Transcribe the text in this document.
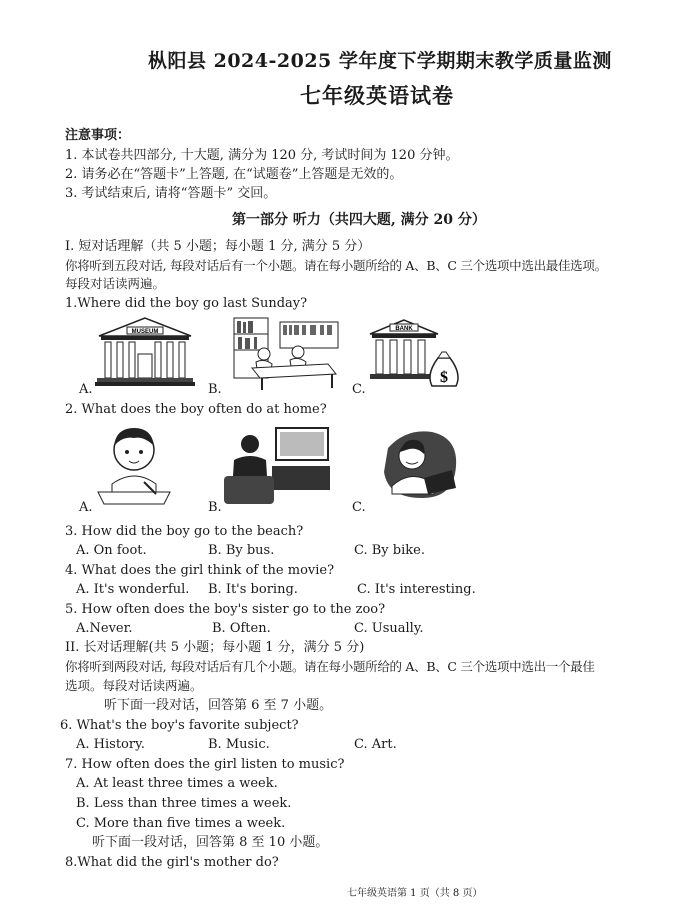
枞阳县 2024-2025 学年度下学期期末教学质量监测
七年级英语试卷
注意事项：
1. 本试卷共四部分, 十大题, 满分为 120 分, 考试时间为 120 分钟。
2. 请务必在“答题卡”上答题, 在“试题卷”上答题是无效的。
3. 考试结束后, 请将“答题卡” 交回。
第一部分 听力（共四大题, 满分 20 分）
I. 短对话理解（共 5 小题；每小题 1 分, 满分 5 分）
你将听到五段对话, 每段对话后有一个小题。请在每小题所给的 A、B、C 三个选项中选出最佳选项。
每段对话读两遍。
1.Where did the boy go last Sunday?
MUSEUM	BANK
$
A.	B.	C.
2. What does the boy often do at home?
A.	B.	C.
3. How did the boy go to the beach?
A. On foot.	B. By bus.	C. By bike.
4. What does the girl think of the movie?
A. It's wonderful. B. It's boring.	C. It's interesting.
5. How often does the boy's sister go to the zoo?
A.Never.	B. Often.	C. Usually.
II. 长对话理解(共 5 小题；每小题 1 分，满分 5 分)
你将听到两段对话, 每段对话后有几个小题。请在每小题所给的 A、B、C 三个选项中选出一个最佳
选项。每段对话读两遍。
听下面一段对话，回答第 6 至 7 小题。
6. What's the boy's favorite subject?
A. History.	B. Music.	C. Art.
7. How often does the girl listen to music?
A. At least three times a week.
B. Less than three times a week.
C. More than five times a week.
听下面一段对话，回答第 8 至 10 小题。
8.What did the girl's mother do?
七年级英语第 1 页（共 8 页）
